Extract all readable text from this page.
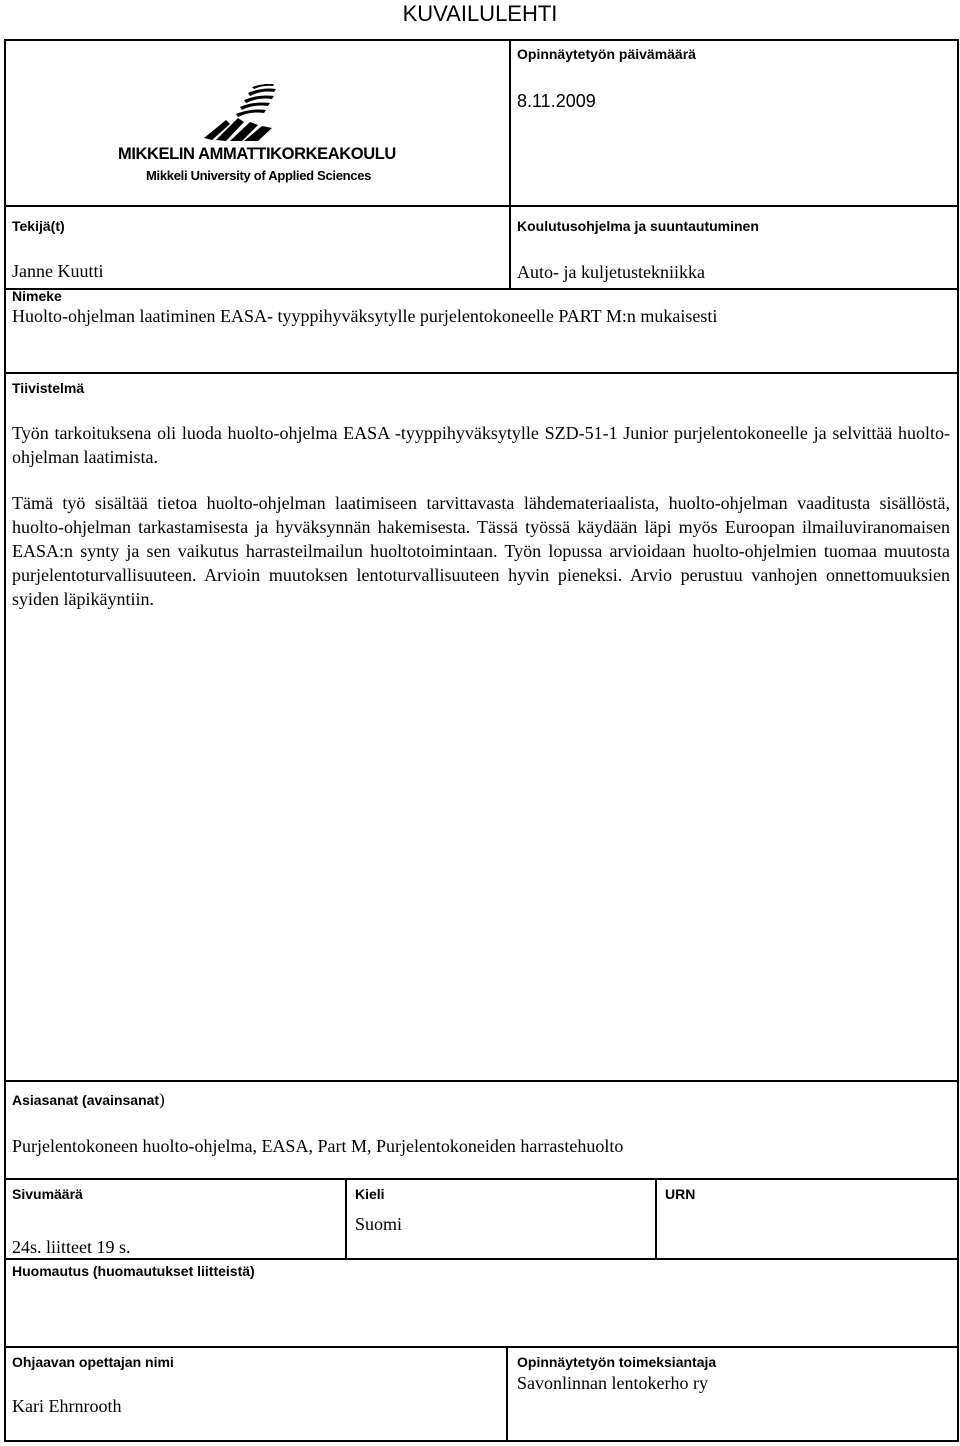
KUVAILULEHTI
MIKKELIN AMMATTIKORKEAKOULU
Mikkeli University of Applied Sciences
Opinnäytetyön päivämäärä
8.11.2009
Tekijä(t)
Janne Kuutti
Koulutusohjelma ja suuntautuminen
Auto- ja kuljetustekniikka
Nimeke
Huolto-ohjelman laatiminen EASA- tyyppihyväksytylle purjelentokoneelle PART M:n mukaisesti
Tiivistelmä
Työn tarkoituksena oli luoda huolto-ohjelma EASA -tyyppihyväksytylle SZD-51-1 Junior purjelentokoneelle ja selvittää huolto-ohjelman laatimista.
Tämä työ sisältää tietoa huolto-ohjelman laatimiseen tarvittavasta lähdemateriaalista, huolto-ohjelman vaaditusta sisällöstä, huolto-ohjelman tarkastamisesta ja hyväksynnän hakemisesta. Tässä työssä käydään läpi myös Euroopan ilmailuviranomaisen EASA:n synty ja sen vaikutus harrasteilmailun huoltotoimintaan. Työn lopussa arvioidaan huolto-ohjelmien tuomaa muutosta purjelentoturvallisuuteen. Arvioin muutoksen lentoturvallisuuteen hyvin pieneksi. Arvio perustuu vanhojen onnettomuuksien syiden läpikäyntiin.
Asiasanat (avainsanat)
Purjelentokoneen huolto-ohjelma, EASA, Part M, Purjelentokoneiden harrastehuolto
Sivumäärä
24s. liitteet 19 s.
Kieli
Suomi
URN
Huomautus (huomautukset liitteistä)
Ohjaavan opettajan nimi
Kari Ehrnrooth
Opinnäytetyön toimeksiantaja
Savonlinnan lentokerho ry
